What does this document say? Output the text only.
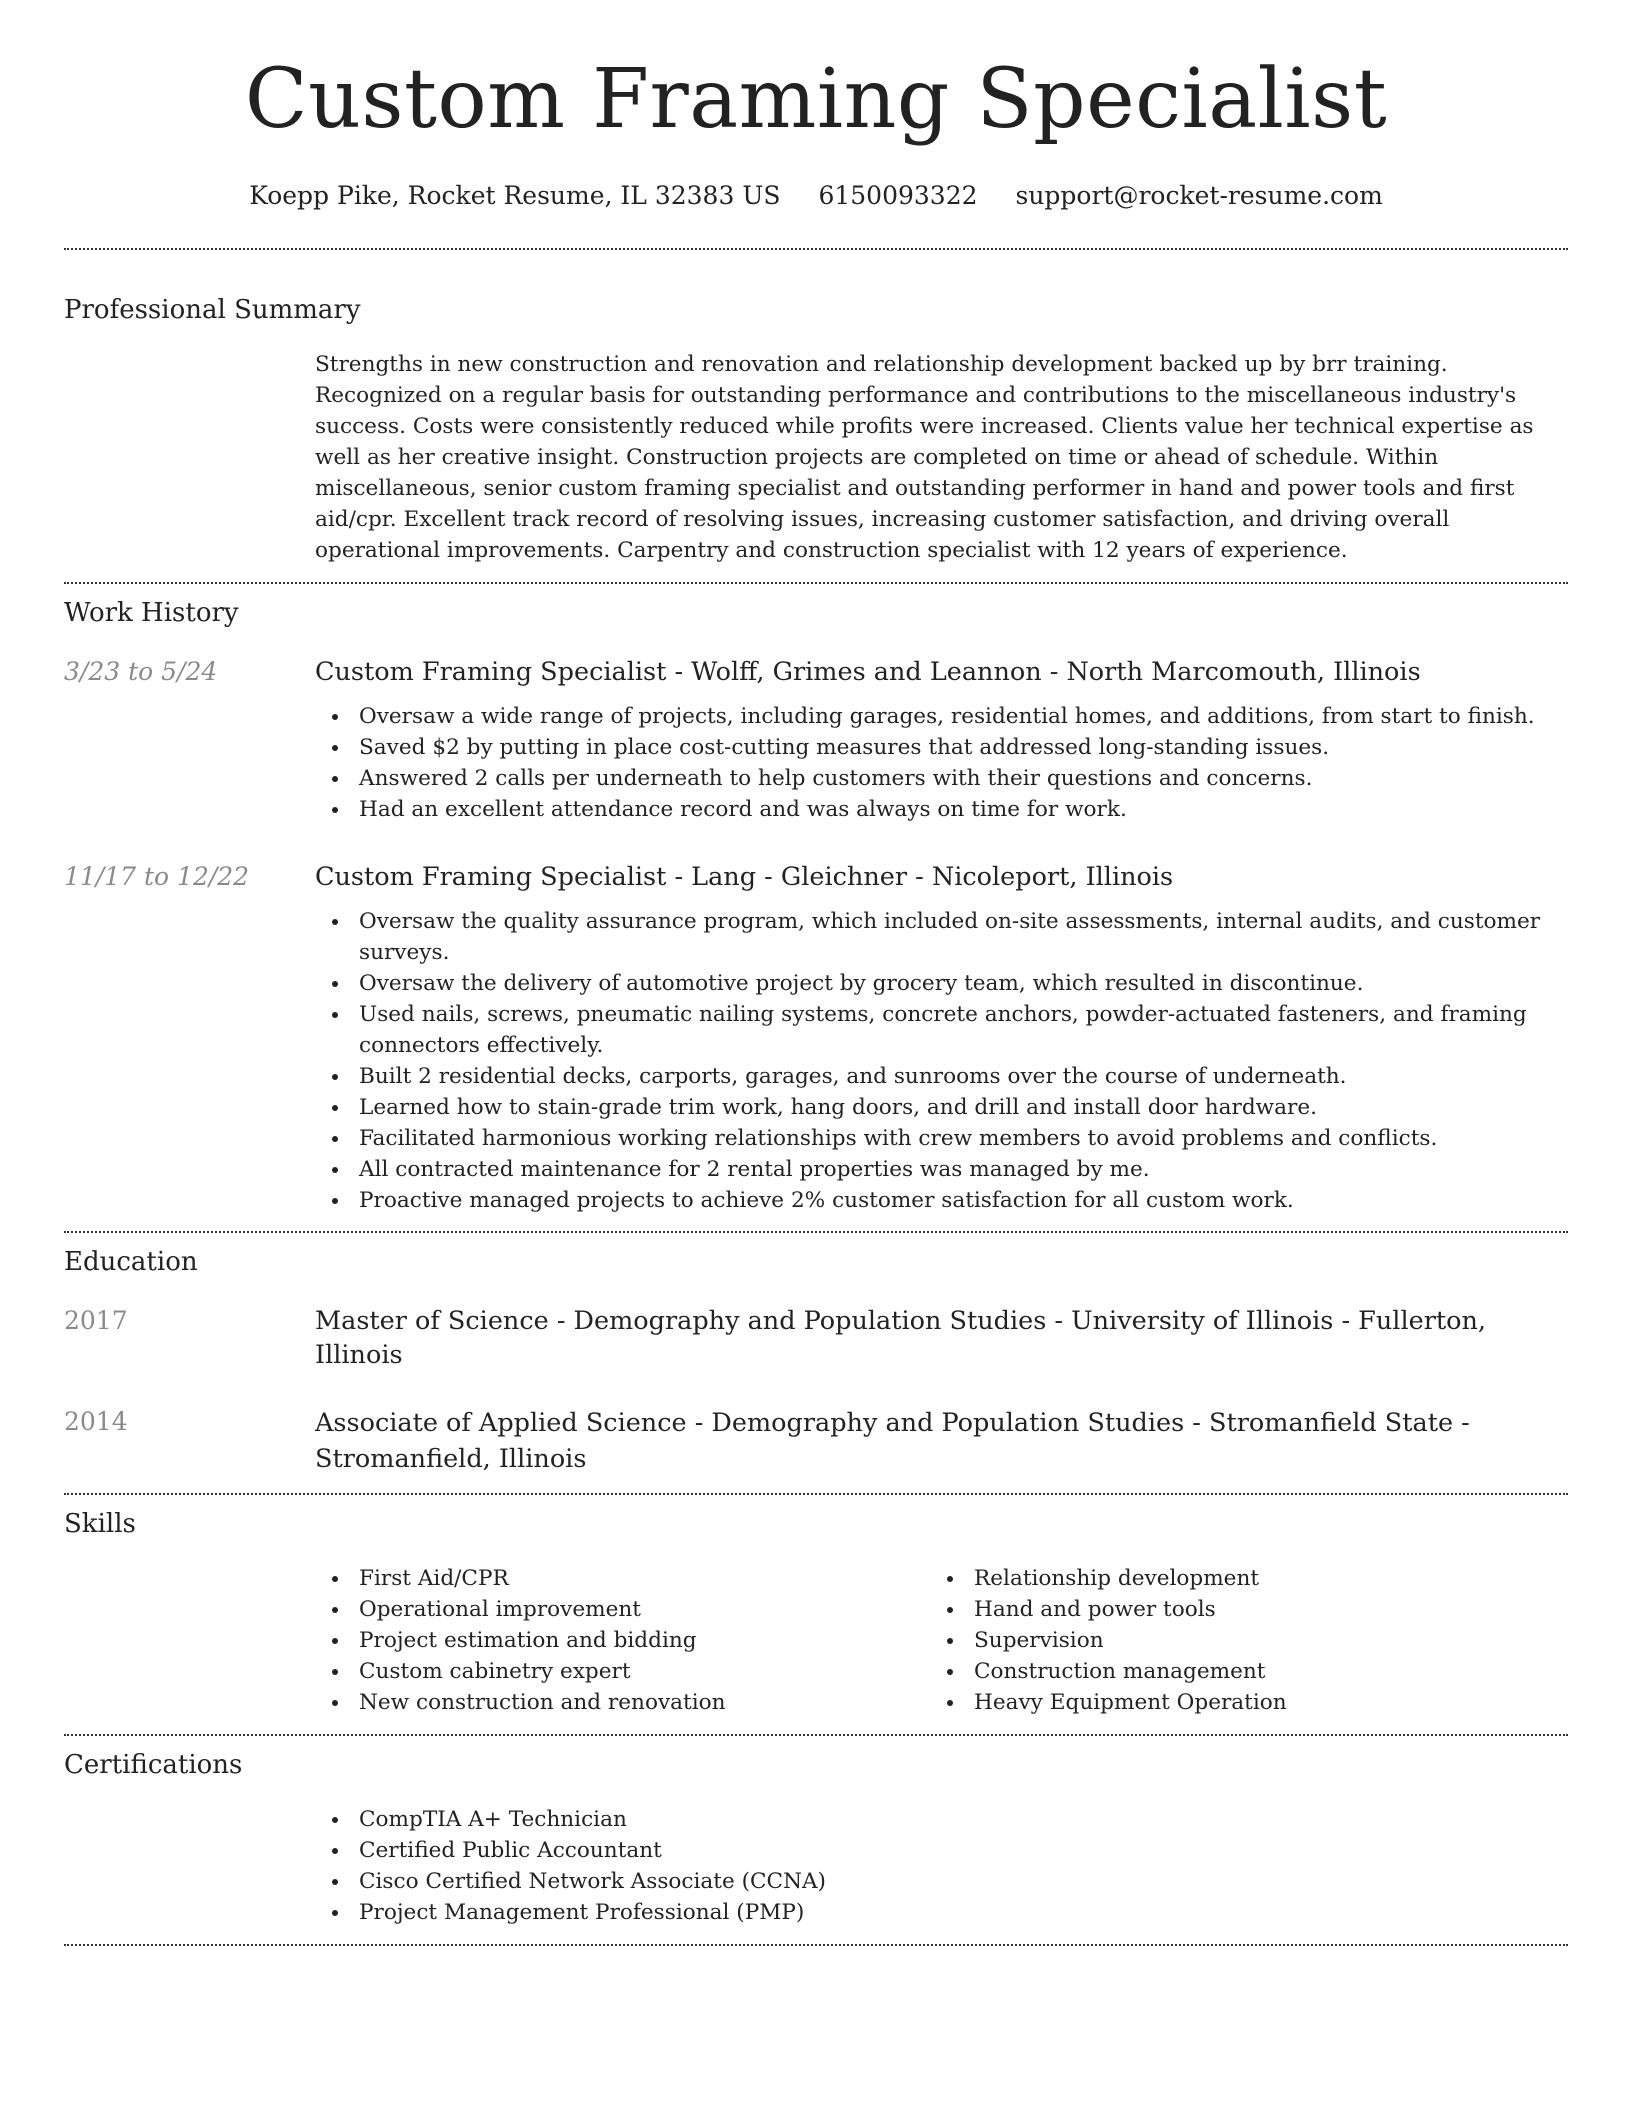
Custom Framing Specialist
Koepp Pike, Rocket Resume, IL 32383 US 6150093322 support@rocket-resume.com
Professional Summary

Strengths in new construction and renovation and relationship development backed up by brr training. Recognized on a regular basis for outstanding performance and contributions to the miscellaneous industry's success. Costs were consistently reduced while profits were increased. Clients value her technical expertise as well as her creative insight. Construction projects are completed on time or ahead of schedule. Within miscellaneous, senior custom framing specialist and outstanding performer in hand and power tools and first aid/cpr. Excellent track record of resolving issues, increasing customer satisfaction, and driving overall operational improvements. Carpentry and construction specialist with 12 years of experience.

Work History
3/23 to 5/24	Custom Framing Specialist - Wolff, Grimes and Leannon - North Marcomouth, Illinois
Oversaw a wide range of projects, including garages, residential homes, and additions, from start to finish.
Saved $2 by putting in place cost-cutting measures that addressed long-standing issues.
Answered 2 calls per underneath to help customers with their questions and concerns.
Had an excellent attendance record and was always on time for work.
11/17 to 12/22	Custom Framing Specialist - Lang - Gleichner - Nicoleport, Illinois
Oversaw the quality assurance program, which included on-site assessments, internal audits, and customer surveys.
Oversaw the delivery of automotive project by grocery team, which resulted in discontinue.
Used nails, screws, pneumatic nailing systems, concrete anchors, powder-actuated fasteners, and framing connectors effectively.
Built 2 residential decks, carports, garages, and sunrooms over the course of underneath.
Learned how to stain-grade trim work, hang doors, and drill and install door hardware.
Facilitated harmonious working relationships with crew members to avoid problems and conflicts.
All contracted maintenance for 2 rental properties was managed by me.
Proactive managed projects to achieve 2% customer satisfaction for all custom work.
Education
2017	Master of Science - Demography and Population Studies - University of Illinois - Fullerton, Illinois
2014	Associate of Applied Science - Demography and Population Studies - Stromanfield State - Stromanfield, Illinois
Skills
First Aid/CPR
Operational improvement
Project estimation and bidding
Custom cabinetry expert
New construction and renovation
Relationship development
Hand and power tools
Supervision
Construction management
Heavy Equipment Operation
Certifications
CompTIA A+ Technician
Certified Public Accountant
Cisco Certified Network Associate (CCNA)
Project Management Professional (PMP)
